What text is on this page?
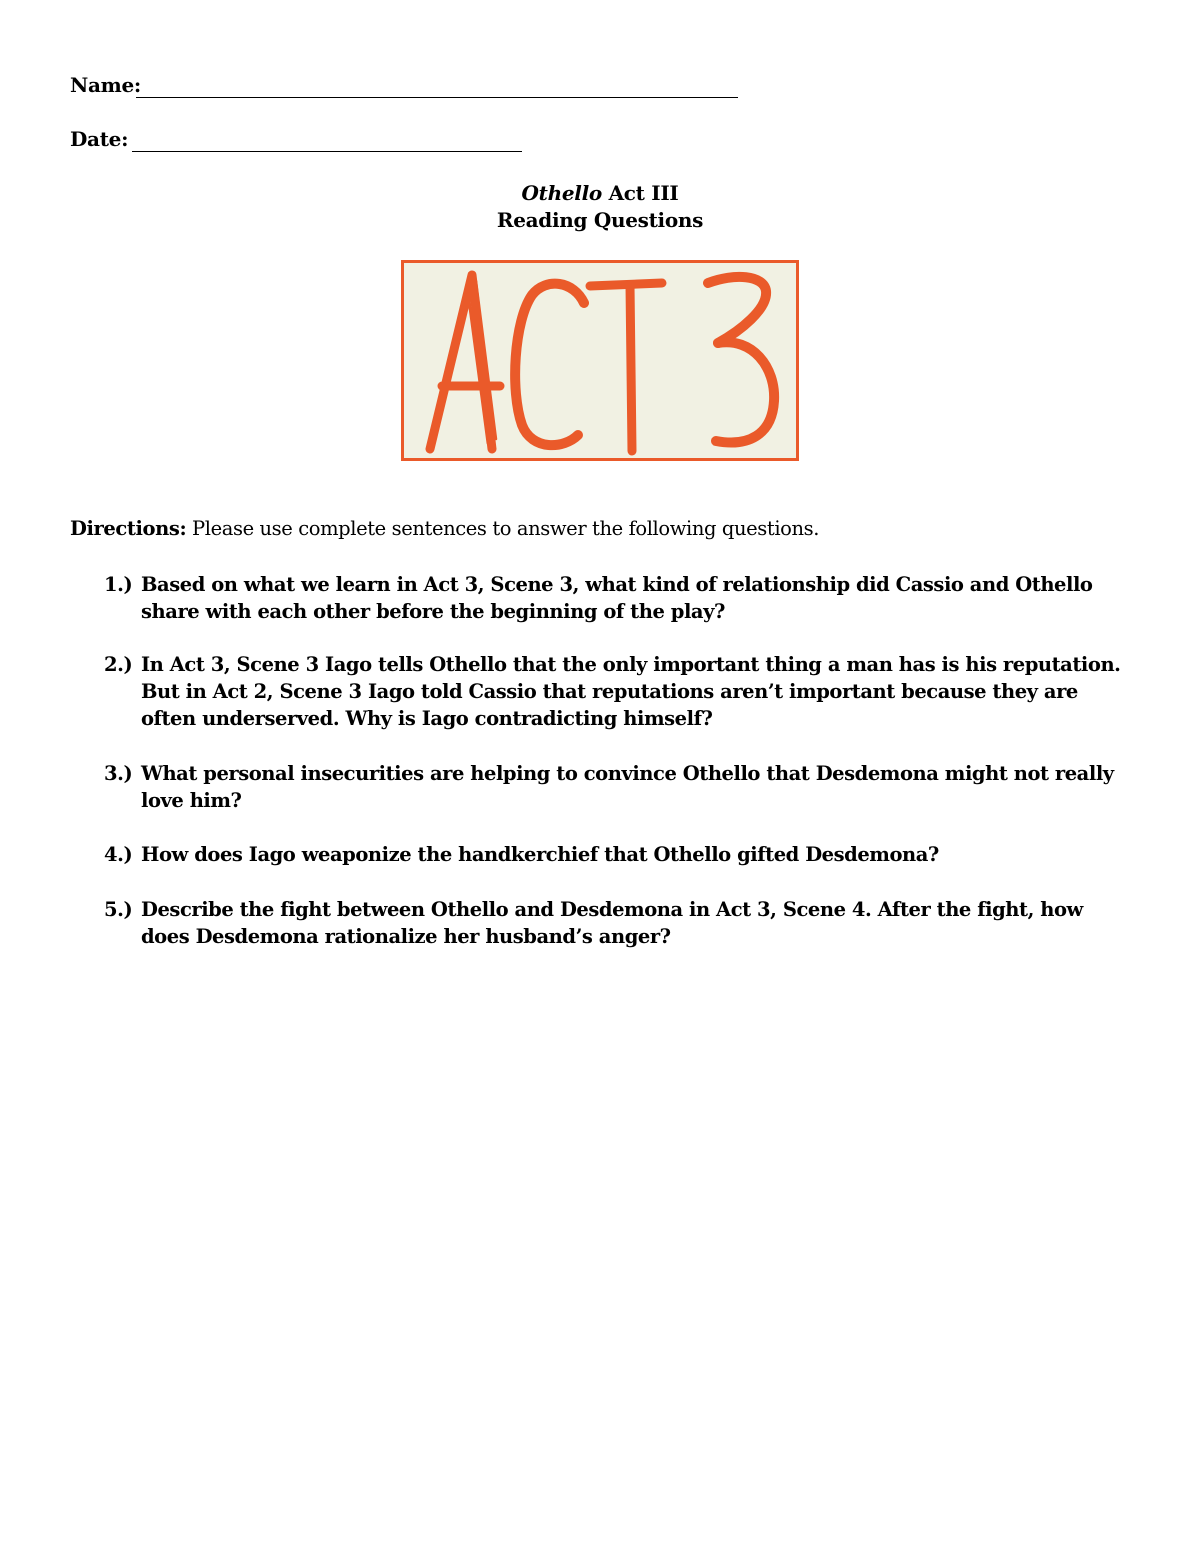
Name:
Date:
Othello Act III
Reading Questions
Directions: Please use complete sentences to answer the following questions.
1.) Based on what we learn in Act 3, Scene 3, what kind of relationship did Cassio and Othello share with each other before the beginning of the play?
2.) In Act 3, Scene 3 Iago tells Othello that the only important thing a man has is his reputation. But in Act 2, Scene 3 Iago told Cassio that reputations aren’t important because they are often underserved. Why is Iago contradicting himself?
3.) What personal insecurities are helping to convince Othello that Desdemona might not really love him?
4.) How does Iago weaponize the handkerchief that Othello gifted Desdemona?
5.) Describe the fight between Othello and Desdemona in Act 3, Scene 4. After the fight, how does Desdemona rationalize her husband’s anger?
